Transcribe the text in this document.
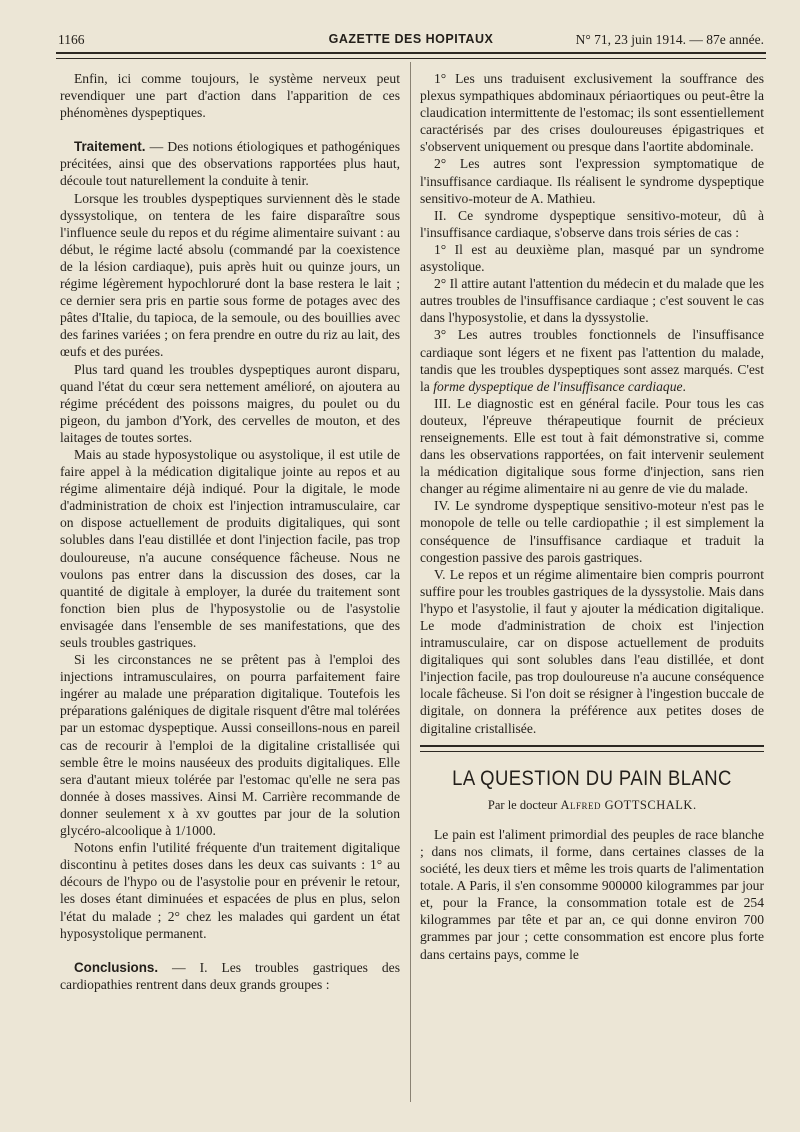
1166	GAZETTE DES HOPITAUX	N° 71, 23 juin 1914. — 87e année.

Enfin, ici comme toujours, le système nerveux peut revendiquer une part d'action dans l'apparition de ces phénomènes dyspeptiques.

Traitement. — Des notions étiologiques et pathogéniques précitées, ainsi que des observations rapportées plus haut, découle tout naturellement la conduite à tenir.

Lorsque les troubles dyspeptiques surviennent dès le stade dyssystolique, on tentera de les faire disparaître sous l'influence seule du repos et du régime alimentaire suivant : au début, le régime lacté absolu (commandé par la coexistence de la lésion cardiaque), puis après huit ou quinze jours, un régime légèrement hypochloruré dont la base restera le lait ; ce dernier sera pris en partie sous forme de potages avec des pâtes d'Italie, du tapioca, de la semoule, ou des bouillies avec des farines variées ; on fera prendre en outre du riz au lait, des œufs et des purées.

Plus tard quand les troubles dyspeptiques auront disparu, quand l'état du cœur sera nettement amélioré, on ajoutera au régime précédent des poissons maigres, du poulet ou du pigeon, du jambon d'York, des cervelles de mouton, et des laitages de toutes sortes.

Mais au stade hyposystolique ou asystolique, il est utile de faire appel à la médication digitalique jointe au repos et au régime alimentaire déjà indiqué. Pour la digitale, le mode d'administration de choix est l'injection intramusculaire, car on dispose actuellement de produits digitaliques, qui sont solubles dans l'eau distillée et dont l'injection facile, pas trop douloureuse, n'a aucune conséquence fâcheuse. Nous ne voulons pas entrer dans la discussion des doses, car la quantité de digitale à employer, la durée du traitement sont fonction bien plus de l'hyposystolie ou de l'asystolie envisagée dans l'ensemble de ses manifestations, que des seuls troubles gastriques.

Si les circonstances ne se prêtent pas à l'emploi des injections intramusculaires, on pourra parfaitement faire ingérer au malade une préparation digitalique. Toutefois les préparations galéniques de digitale risquent d'être mal tolérées par un estomac dyspeptique. Aussi conseillons-nous en pareil cas de recourir à l'emploi de la digitaline cristallisée qui semble être le moins nauséeux des produits digitaliques. Elle sera d'autant mieux tolérée par l'estomac qu'elle ne sera pas donnée à doses massives. Ainsi M. Carrière recommande de donner seulement x à xv gouttes par jour de la solution glycéro-alcoolique à 1/1000.

Notons enfin l'utilité fréquente d'un traitement digitalique discontinu à petites doses dans les deux cas suivants : 1° au décours de l'hypo ou de l'asystolie pour en prévenir le retour, les doses étant diminuées et espacées de plus en plus, selon l'état du malade ; 2° chez les malades qui gardent un état hyposystolique permanent.

Conclusions. — I. Les troubles gastriques des cardiopathies rentrent dans deux grands groupes :

1° Les uns traduisent exclusivement la souffrance des plexus sympathiques abdominaux périaortiques ou peut-être la claudication intermittente de l'estomac; ils sont essentiellement caractérisés par des crises douloureuses épigastriques et s'observent uniquement ou presque dans l'aortite abdominale.

2° Les autres sont l'expression symptomatique de l'insuffisance cardiaque. Ils réalisent le syndrome dyspeptique sensitivo-moteur de A. Mathieu.

II. Ce syndrome dyspeptique sensitivo-moteur, dû à l'insuffisance cardiaque, s'observe dans trois séries de cas :

1° Il est au deuxième plan, masqué par un syndrome asystolique.

2° Il attire autant l'attention du médecin et du malade que les autres troubles de l'insuffisance cardiaque ; c'est souvent le cas dans l'hyposystolie, et dans la dyssystolie.

3° Les autres troubles fonctionnels de l'insuffisance cardiaque sont légers et ne fixent pas l'attention du malade, tandis que les troubles dyspeptiques sont assez marqués. C'est la forme dyspeptique de l'insuffisance cardiaque.

III. Le diagnostic est en général facile. Pour tous les cas douteux, l'épreuve thérapeutique fournit de précieux renseignements. Elle est tout à fait démonstrative si, comme dans les observations rapportées, on fait intervenir seulement la médication digitalique sous forme d'injection, sans rien changer au régime alimentaire ni au genre de vie du malade.

IV. Le syndrome dyspeptique sensitivo-moteur n'est pas le monopole de telle ou telle cardiopathie ; il est simplement la conséquence de l'insuffisance cardiaque et traduit la congestion passive des parois gastriques.

V. Le repos et un régime alimentaire bien compris pourront suffire pour les troubles gastriques de la dyssystolie. Mais dans l'hypo et l'asystolie, il faut y ajouter la médication digitalique. Le mode d'administration de choix est l'injection intramusculaire, car on dispose actuellement de produits digitaliques qui sont solubles dans l'eau distillée, et dont l'injection facile, pas trop douloureuse n'a aucune conséquence locale fâcheuse. Si l'on doit se résigner à l'ingestion buccale de digitale, on donnera la préférence aux petites doses de digitaline cristallisée.

LA QUESTION DU PAIN BLANC
Par le docteur Alfred GOTTSCHALK.

Le pain est l'aliment primordial des peuples de race blanche ; dans nos climats, il forme, dans certaines classes de la société, les deux tiers et même les trois quarts de l'alimentation totale. A Paris, il s'en consomme 900000 kilogrammes par jour et, pour la France, la consommation totale est de 254 kilogrammes par tête et par an, ce qui donne environ 700 grammes par jour ; cette consommation est encore plus forte dans certains pays, comme le
